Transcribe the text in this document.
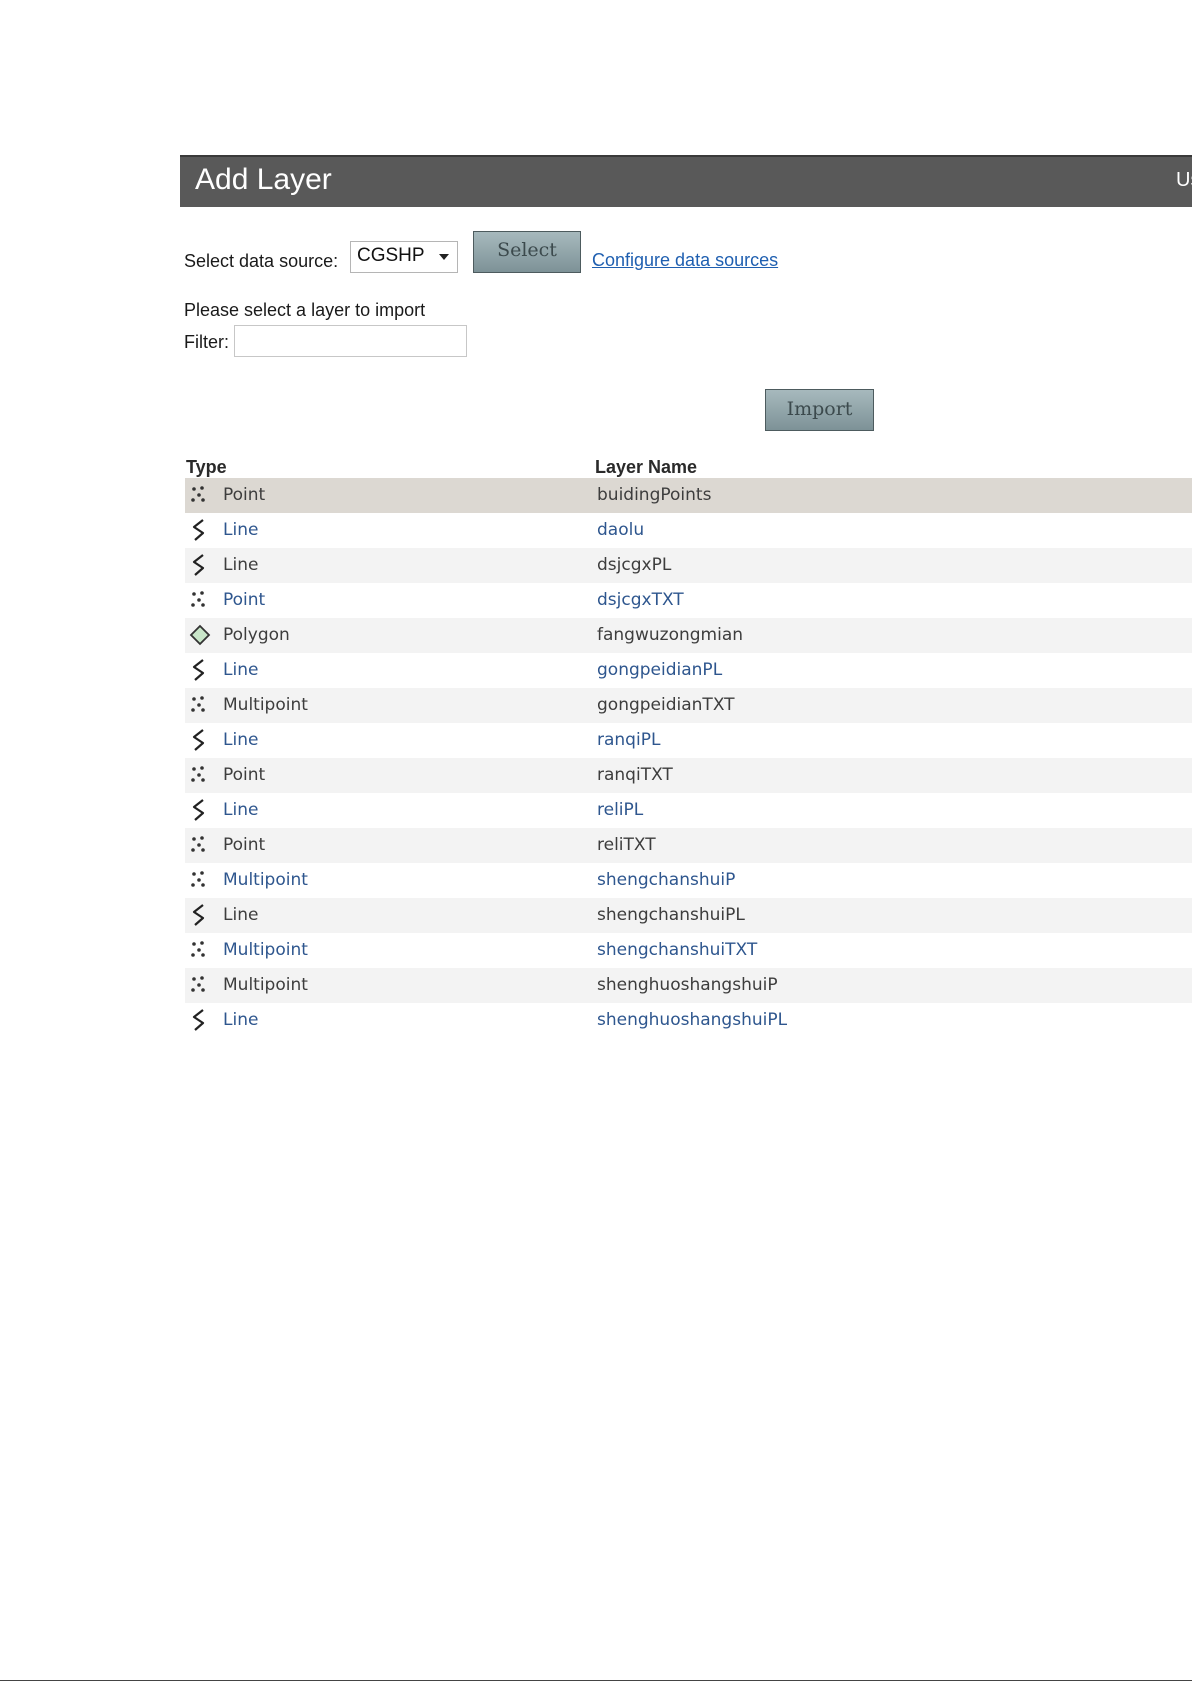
Add Layer	Us
Select data source: CGSHP	Select	Configure data sources
Please select a layer to import
Filter:
Import
Type	Layer Name
Point	buidingPoints
Line	daolu
Line	dsjcgxPL
Point	dsjcgxTXT
Polygon	fangwuzongmian
Line	gongpeidianPL
Multipoint	gongpeidianTXT
Line	ranqiPL
Point	ranqiTXT
Line	reliPL
Point	reliTXT
Multipoint	shengchanshuiP
Line	shengchanshuiPL
Multipoint	shengchanshuiTXT
Multipoint	shenghuoshangshuiP
Line	shenghuoshangshuiPL
